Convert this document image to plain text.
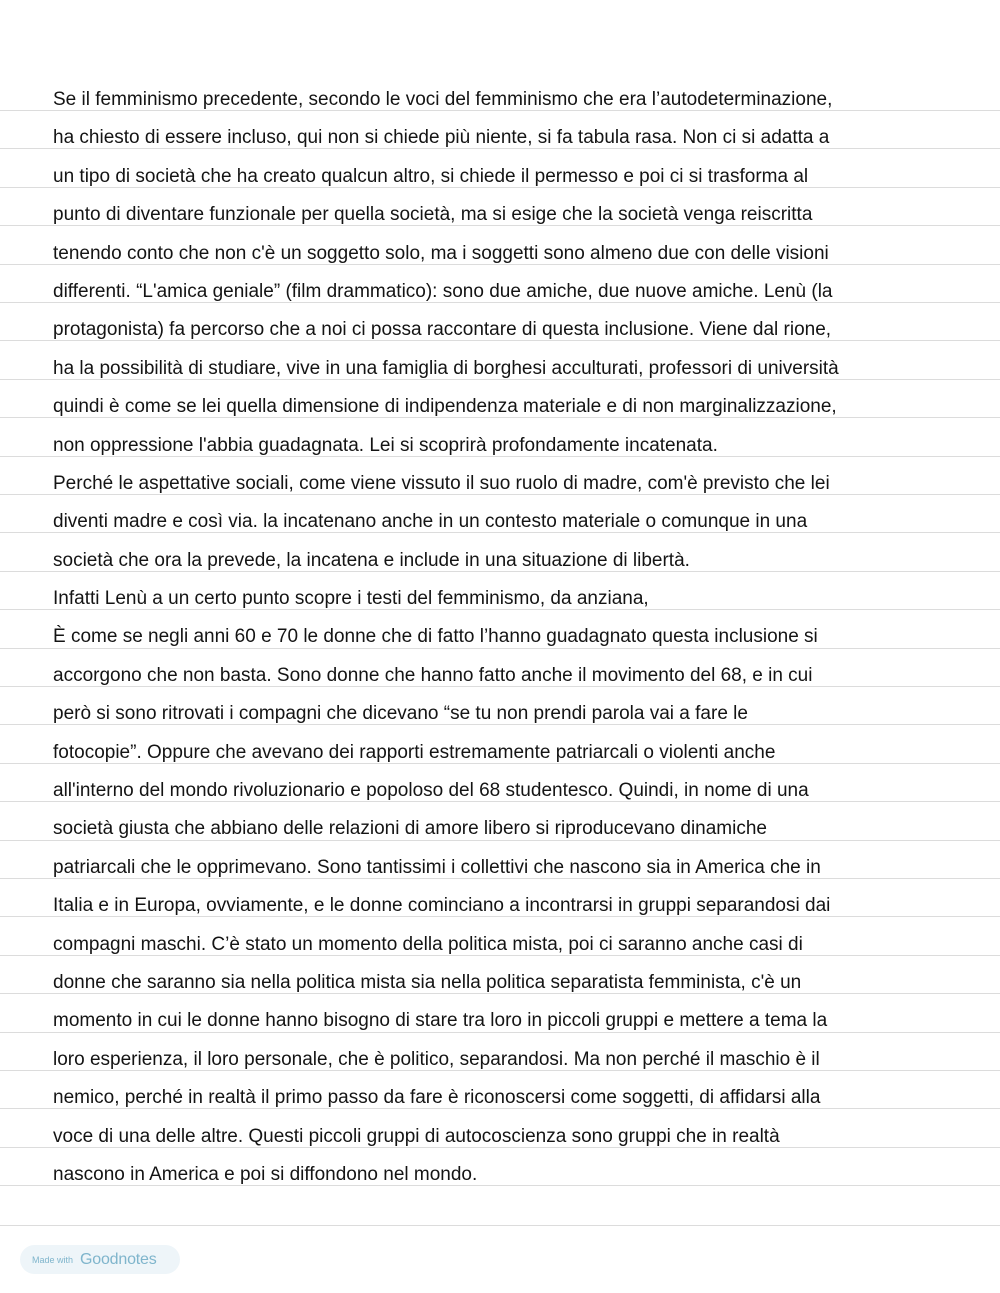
Se il femminismo precedente, secondo le voci del femminismo che era l’autodeterminazione,
ha chiesto di essere incluso, qui non si chiede più niente, si fa tabula rasa. Non ci si adatta a
un tipo di società che ha creato qualcun altro, si chiede il permesso e poi ci si trasforma al
punto di diventare funzionale per quella società, ma si esige che la società venga reiscritta
tenendo conto che non c'è un soggetto solo, ma i soggetti sono almeno due con delle visioni
differenti. “L'amica geniale” (film drammatico): sono due amiche, due nuove amiche. Lenù (la
protagonista) fa percorso che a noi ci possa raccontare di questa inclusione. Viene dal rione,
ha la possibilità di studiare, vive in una famiglia di borghesi acculturati, professori di università
quindi è come se lei quella dimensione di indipendenza materiale e di non marginalizzazione,
non oppressione l'abbia guadagnata. Lei si scoprirà profondamente incatenata.
Perché le aspettative sociali, come viene vissuto il suo ruolo di madre, com'è previsto che lei
diventi madre e così via. la incatenano anche in un contesto materiale o comunque in una
società che ora la prevede, la incatena e include in una situazione di libertà.
Infatti Lenù a un certo punto scopre i testi del femminismo, da anziana,
È come se negli anni 60 e 70 le donne che di fatto l’hanno guadagnato questa inclusione si
accorgono che non basta. Sono donne che hanno fatto anche il movimento del 68, e in cui
però si sono ritrovati i compagni che dicevano “se tu non prendi parola vai a fare le
fotocopie”. Oppure che avevano dei rapporti estremamente patriarcali o violenti anche
all'interno del mondo rivoluzionario e popoloso del 68 studentesco. Quindi, in nome di una
società giusta che abbiano delle relazioni di amore libero si riproducevano dinamiche
patriarcali che le opprimevano. Sono tantissimi i collettivi che nascono sia in America che in
Italia e in Europa, ovviamente, e le donne cominciano a incontrarsi in gruppi separandosi dai
compagni maschi. C’è stato un momento della politica mista, poi ci saranno anche casi di
donne che saranno sia nella politica mista sia nella politica separatista femminista, c'è un
momento in cui le donne hanno bisogno di stare tra loro in piccoli gruppi e mettere a tema la
loro esperienza, il loro personale, che è politico, separandosi. Ma non perché il maschio è il
nemico, perché in realtà il primo passo da fare è riconoscersi come soggetti, di affidarsi alla
voce di una delle altre. Questi piccoli gruppi di autocoscienza sono gruppi che in realtà
nascono in America e poi si diffondono nel mondo.
Made with Goodnotes
